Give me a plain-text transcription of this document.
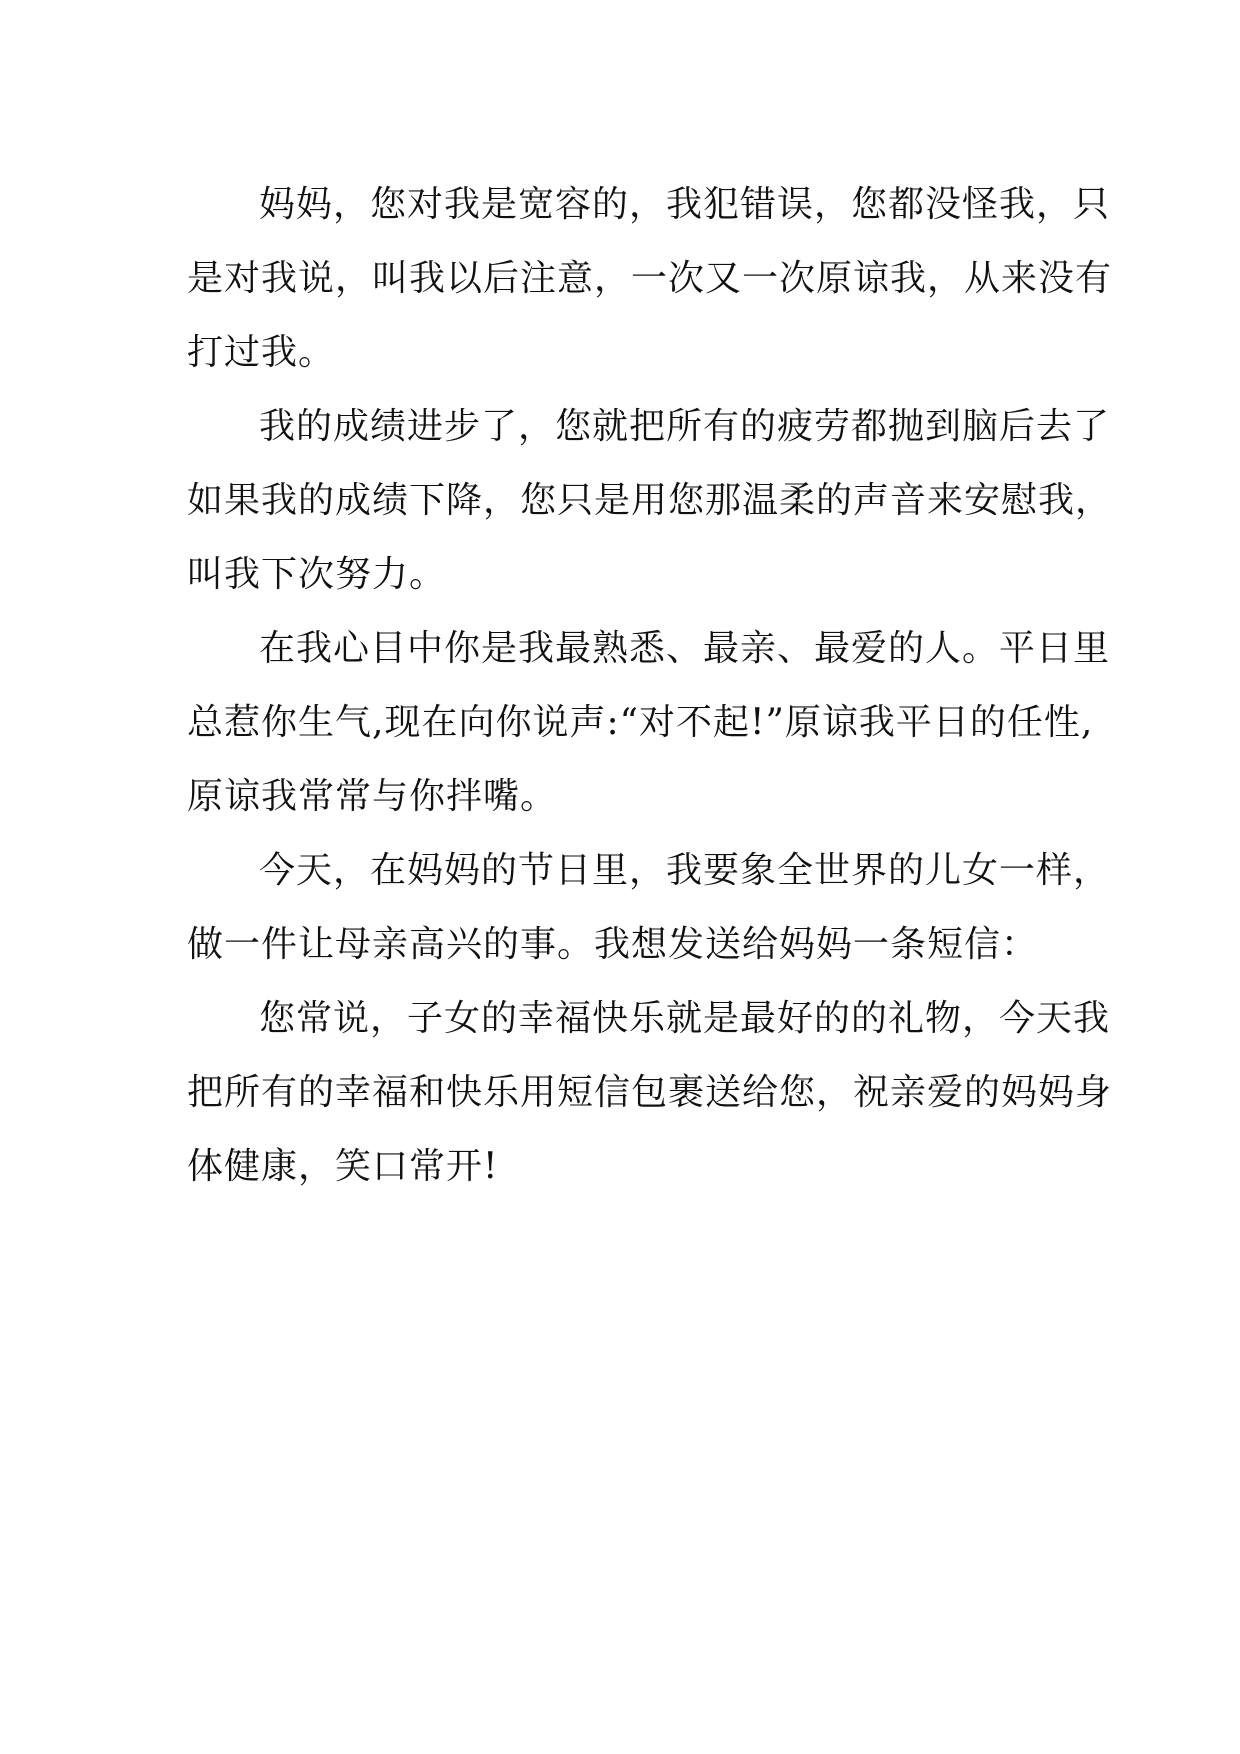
妈妈，您对我是宽容的，我犯错误，您都没怪我，只
是对我说，叫我以后注意，一次又一次原谅我，从来没有
打过我。
我的成绩进步了，您就把所有的疲劳都抛到脑后去了
如果我的成绩下降，您只是用您那温柔的声音来安慰我，
叫我下次努力。
在我心目中你是我最熟悉、最亲、最爱的人。平日里
总惹你生气,现在向你说声:“对不起!”原谅我平日的任性,
原谅我常常与你拌嘴。
今天，在妈妈的节日里，我要象全世界的儿女一样，
做一件让母亲高兴的事。我想发送给妈妈一条短信：
您常说，子女的幸福快乐就是最好的的礼物，今天我
把所有的幸福和快乐用短信包裹送给您，祝亲爱的妈妈身
体健康，笑口常开!
